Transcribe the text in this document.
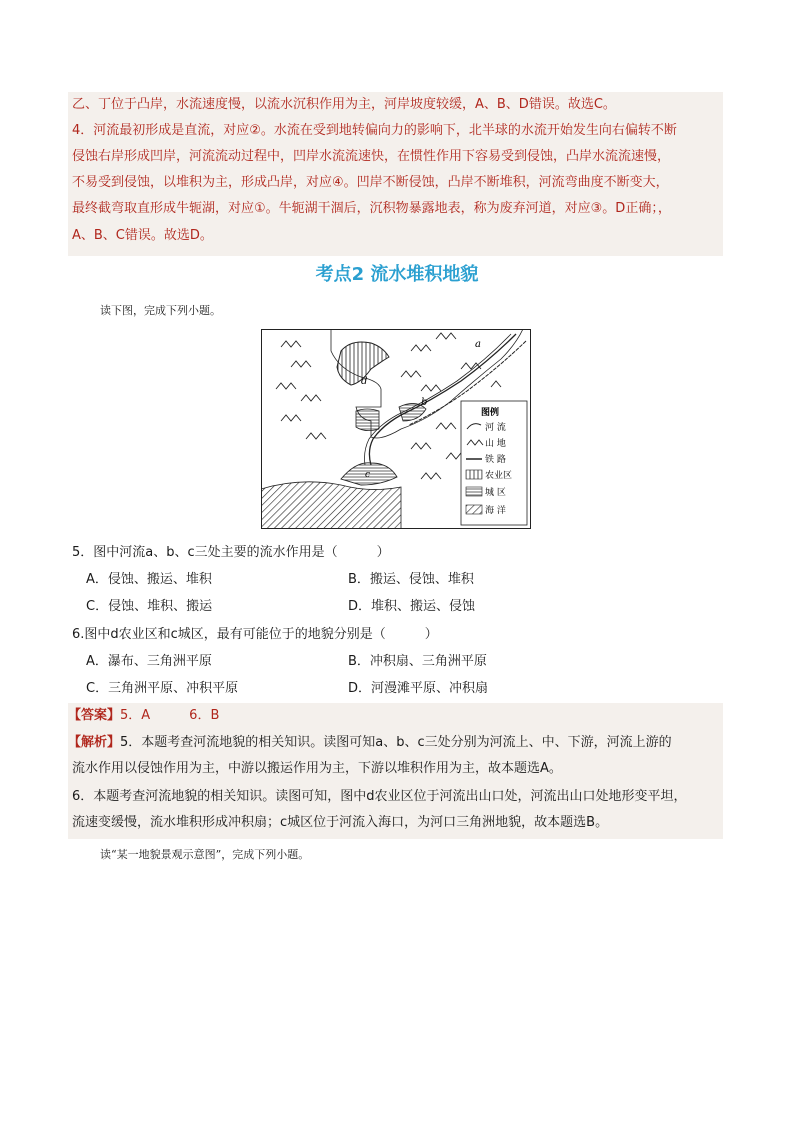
乙、丁位于凸岸，水流速度慢，以流水沉积作用为主，河岸坡度较缓，A、B、D错误。故选C。
4．河流最初形成是直流，对应②。水流在受到地转偏向力的影响下，北半球的水流开始发生向右偏转不断
侵蚀右岸形成凹岸，河流流动过程中，凹岸水流流速快，在惯性作用下容易受到侵蚀，凸岸水流流速慢，
不易受到侵蚀，以堆积为主，形成凸岸，对应④。凹岸不断侵蚀，凸岸不断堆积，河流弯曲度不断变大，
最终截弯取直形成牛轭湖，对应①。牛轭湖干涸后，沉积物暴露地表，称为废弃河道，对应③。D正确；，
A、B、C错误。故选D。
考点2 流水堆积地貌
读下图，完成下列小题。
a
b
d
c
图例
河 流
山 地
铁 路
农业区
城 区
海 洋
5．图中河流a、b、c三处主要的流水作用是（　　　）
A．侵蚀、搬运、堆积	B．搬运、侵蚀、堆积
C．侵蚀、堆积、搬运	D．堆积、搬运、侵蚀
6.图中d农业区和c城区，最有可能位于的地貌分别是（　　　）
A．瀑布、三角洲平原	B．冲积扇、三角洲平原
C．三角洲平原、冲积平原	D．河漫滩平原、冲积扇
【答案】5．A　　　6．B
【解析】5．本题考查河流地貌的相关知识。读图可知a、b、c三处分别为河流上、中、下游，河流上游的
流水作用以侵蚀作用为主，中游以搬运作用为主，下游以堆积作用为主，故本题选A。
6．本题考查河流地貌的相关知识。读图可知，图中d农业区位于河流出山口处，河流出山口处地形变平坦，
流速变缓慢，流水堆积形成冲积扇；c城区位于河流入海口，为河口三角洲地貌，故本题选B。
读“某一地貌景观示意图”，完成下列小题。
